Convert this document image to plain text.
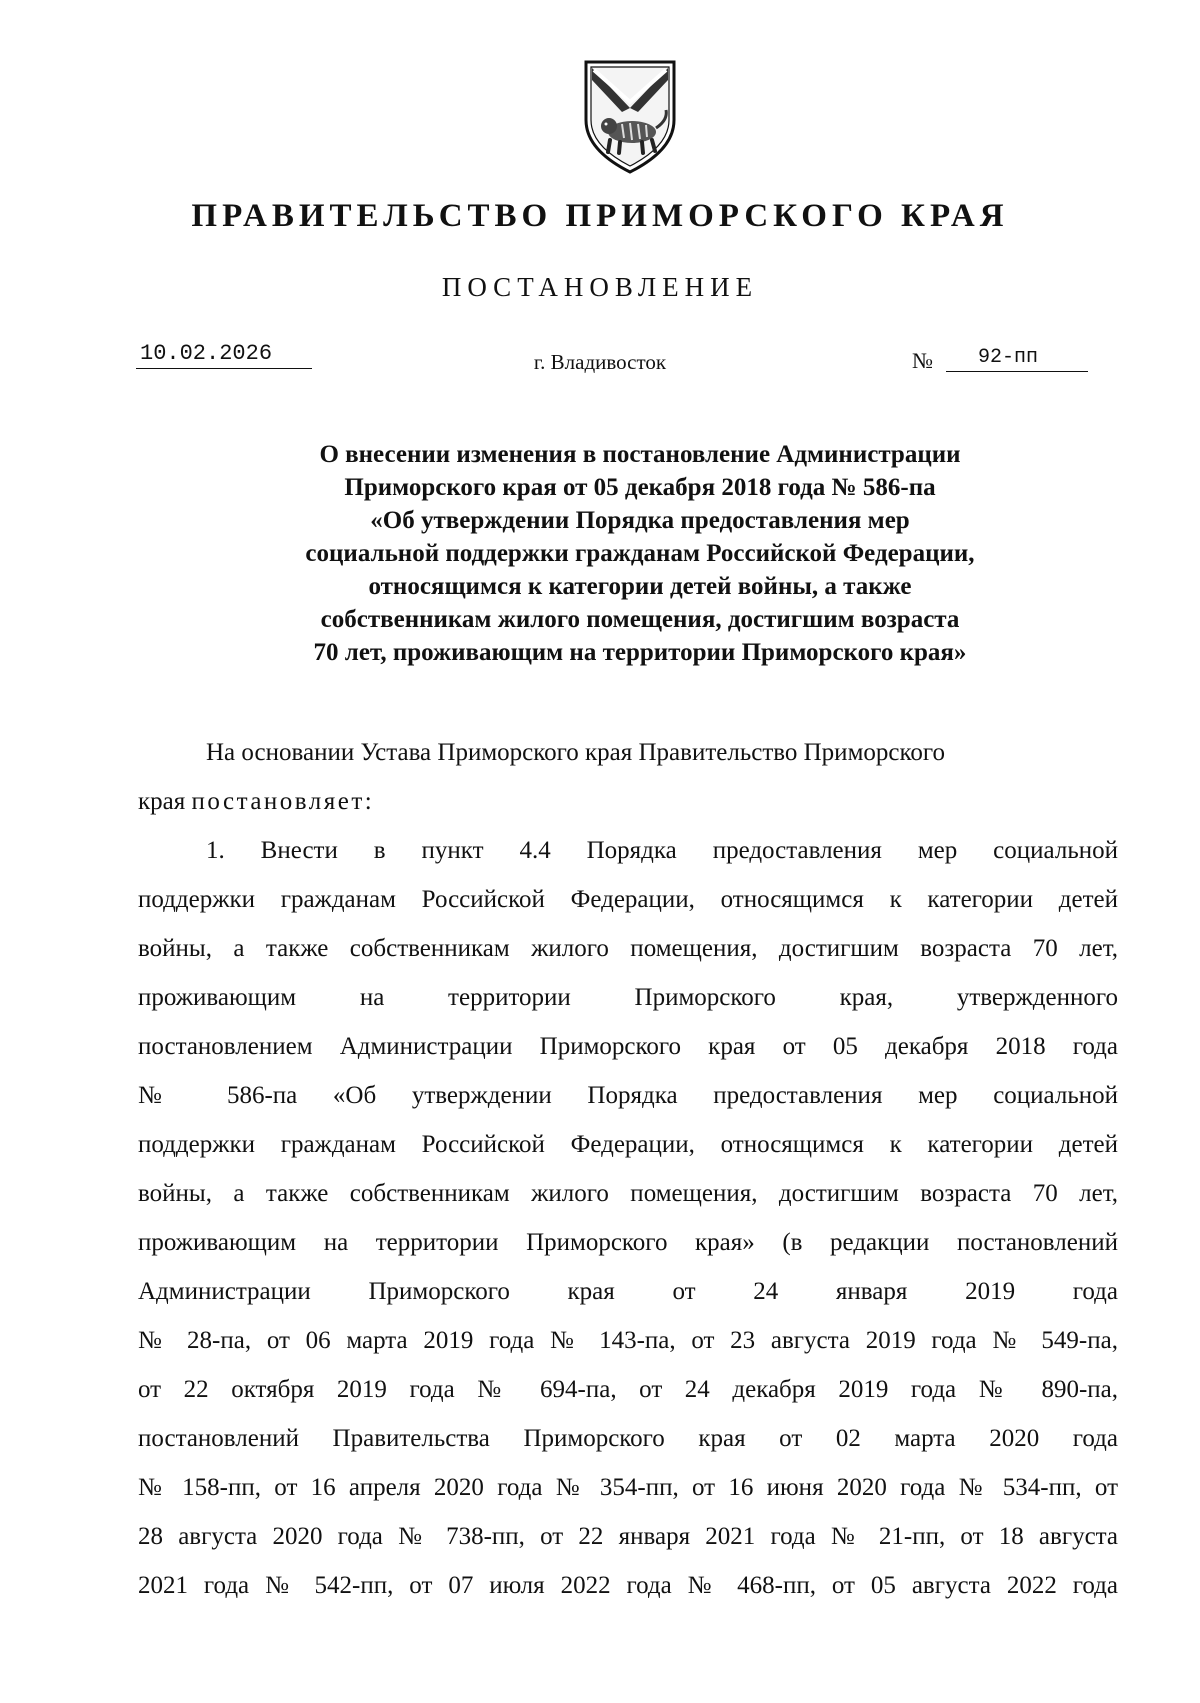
ПРАВИТЕЛЬСТВО ПРИМОРСКОГО КРАЯ
ПОСТАНОВЛЕНИЕ
10.02.2026	г. Владивосток	№	92-пп
О внесении изменения в постановление Администрации
Приморского края от 05 декабря 2018 года № 586-па
«Об утверждении Порядка предоставления мер
социальной поддержки гражданам Российской Федерации,
относящимся к категории детей войны, а также
собственникам жилого помещения, достигшим возраста
70 лет, проживающим на территории Приморского края»
На основании Устава Приморского края Правительство Приморского
края постановляет:
1. Внести в пункт 4.4 Порядка предоставления мер социальной
поддержки гражданам Российской Федерации, относящимся к категории детей
войны, а также собственникам жилого помещения, достигшим возраста 70 лет,
проживающим на территории Приморского края, утвержденного
постановлением Администрации Приморского края от 05 декабря 2018 года
№ 586-па «Об утверждении Порядка предоставления мер социальной
поддержки гражданам Российской Федерации, относящимся к категории детей
войны, а также собственникам жилого помещения, достигшим возраста 70 лет,
проживающим на территории Приморского края» (в редакции постановлений
Администрации Приморского края от 24 января 2019 года
№ 28-па, от 06 марта 2019 года № 143-па, от 23 августа 2019 года № 549-па,
от 22 октября 2019 года № 694-па, от 24 декабря 2019 года № 890-па,
постановлений Правительства Приморского края от 02 марта 2020 года
№ 158-пп, от 16 апреля 2020 года № 354-пп, от 16 июня 2020 года № 534-пп, от
28 августа 2020 года № 738-пп, от 22 января 2021 года № 21-пп, от 18 августа
2021 года № 542-пп, от 07 июля 2022 года № 468-пп, от 05 августа 2022 года
